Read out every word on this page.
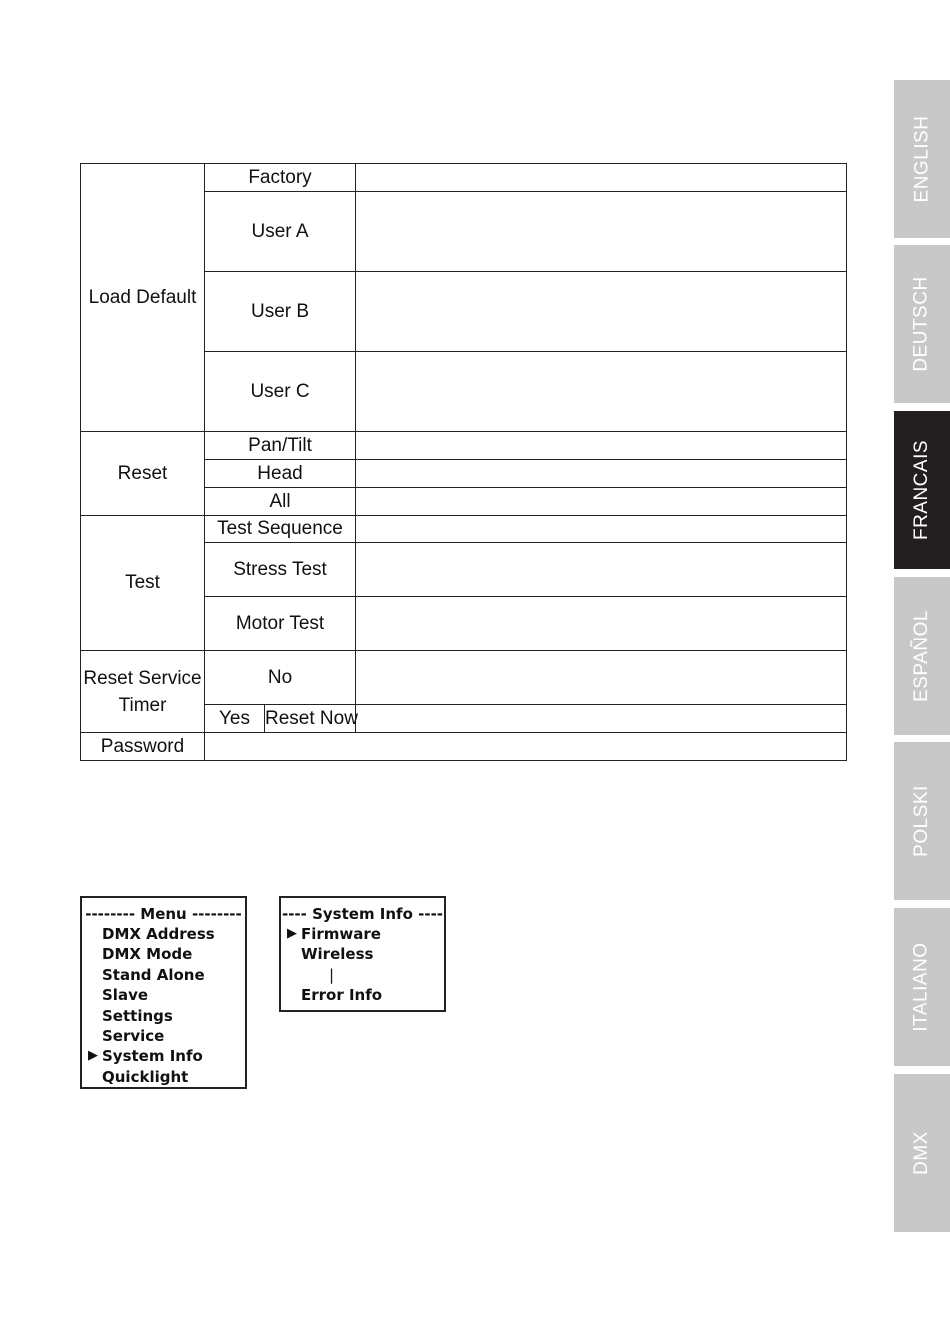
Load Default	Factory		
	User A		
	User B		
	User C		
Reset	Pan/Tilt		
	Head		
	All		
Test	Test Sequence		
	Stress Test		
	Motor Test		
Reset Service Timer	No		
	Yes	Reset Now	
Password			
-------- Menu --------
DMX Address
DMX Mode
Stand Alone
Slave
Settings
Service
▶ System Info
Quicklight
---- System Info ----
▶ Firmware
Wireless
|
Error Info
ENGLISH
DEUTSCH
FRANCAIS
ESPAÑOL
POLSKI
ITALIANO
DMX
